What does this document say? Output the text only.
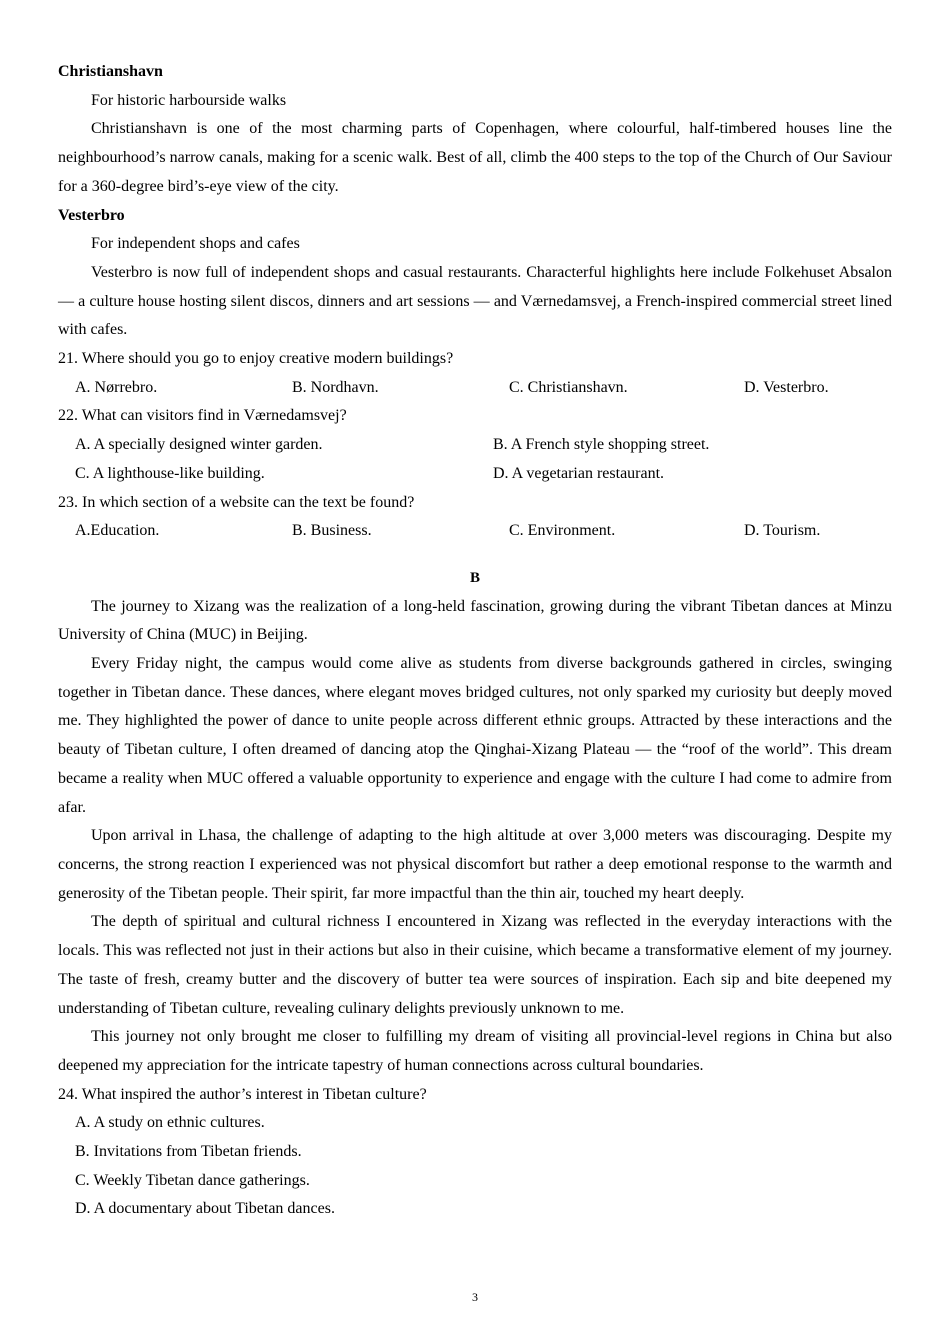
Christianshavn

For historic harbourside walks

Christianshavn is one of the most charming parts of Copenhagen, where colourful, half-timbered houses line the neighbourhood’s narrow canals, making for a scenic walk. Best of all, climb the 400 steps to the top of the Church of Our Saviour for a 360-degree bird’s-eye view of the city.

Vesterbro

For independent shops and cafes

Vesterbro is now full of independent shops and casual restaurants. Characterful highlights here include Folkehuset Absalon — a culture house hosting silent discos, dinners and art sessions — and Værnedamsvej, a French-inspired commercial street lined with cafes.

21. Where should you go to enjoy creative modern buildings?

A. Nørrebro.	B. Nordhavn.	C. Christianshavn.	D. Vesterbro.

22. What can visitors find in Værnedamsvej?

A. A specially designed winter garden.	B. A French style shopping street.
C. A lighthouse-like building.	D. A vegetarian restaurant.

23. In which section of a website can the text be found?

A.Education.	B. Business.	C. Environment.	D. Tourism.

B

The journey to Xizang was the realization of a long-held fascination, growing during the vibrant Tibetan dances at Minzu University of China (MUC) in Beijing.

Every Friday night, the campus would come alive as students from diverse backgrounds gathered in circles, swinging together in Tibetan dance. These dances, where elegant moves bridged cultures, not only sparked my curiosity but deeply moved me. They highlighted the power of dance to unite people across different ethnic groups. Attracted by these interactions and the beauty of Tibetan culture, I often dreamed of dancing atop the Qinghai-Xizang Plateau — the “roof of the world”. This dream became a reality when MUC offered a valuable opportunity to experience and engage with the culture I had come to admire from afar.

Upon arrival in Lhasa, the challenge of adapting to the high altitude at over 3,000 meters was discouraging. Despite my concerns, the strong reaction I experienced was not physical discomfort but rather a deep emotional response to the warmth and generosity of the Tibetan people. Their spirit, far more impactful than the thin air, touched my heart deeply.

The depth of spiritual and cultural richness I encountered in Xizang was reflected in the everyday interactions with the locals. This was reflected not just in their actions but also in their cuisine, which became a transformative element of my journey. The taste of fresh, creamy butter and the discovery of butter tea were sources of inspiration. Each sip and bite deepened my understanding of Tibetan culture, revealing culinary delights previously unknown to me.

This journey not only brought me closer to fulfilling my dream of visiting all provincial-level regions in China but also deepened my appreciation for the intricate tapestry of human connections across cultural boundaries.

24. What inspired the author’s interest in Tibetan culture?

A. A study on ethnic cultures.

B. Invitations from Tibetan friends.

C. Weekly Tibetan dance gatherings.

D. A documentary about Tibetan dances.

3
